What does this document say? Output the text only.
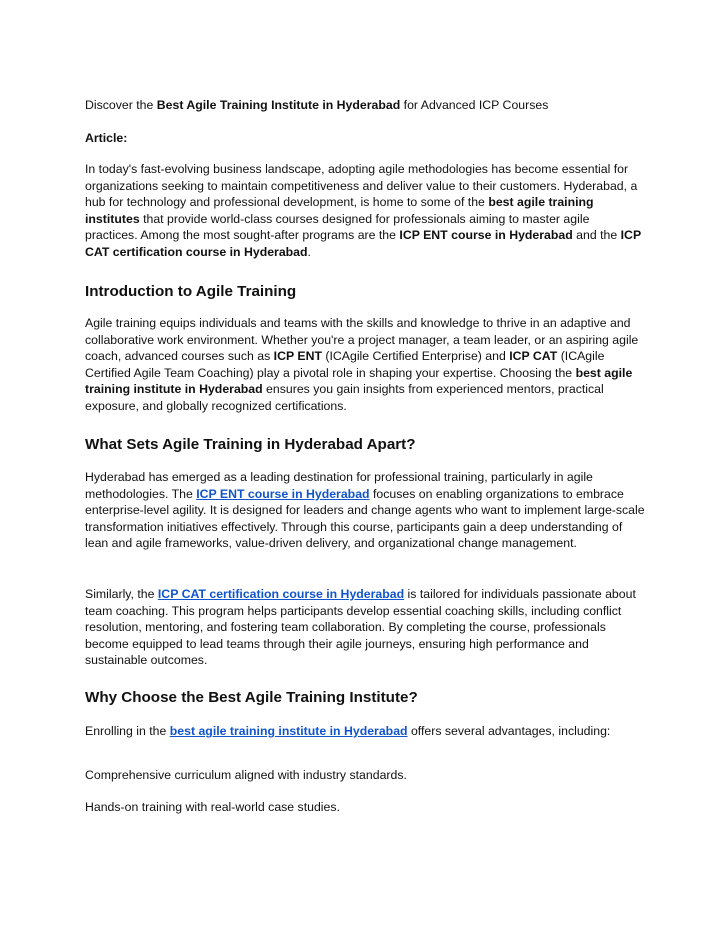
Discover the Best Agile Training Institute in Hyderabad for Advanced ICP Courses

Article:

In today's fast-evolving business landscape, adopting agile methodologies has become essential for organizations seeking to maintain competitiveness and deliver value to their customers. Hyderabad, a hub for technology and professional development, is home to some of the best agile training institutes that provide world-class courses designed for professionals aiming to master agile practices. Among the most sought-after programs are the ICP ENT course in Hyderabad and the ICP CAT certification course in Hyderabad.

Introduction to Agile Training

Agile training equips individuals and teams with the skills and knowledge to thrive in an adaptive and collaborative work environment. Whether you're a project manager, a team leader, or an aspiring agile coach, advanced courses such as ICP ENT (ICAgile Certified Enterprise) and ICP CAT (ICAgile Certified Agile Team Coaching) play a pivotal role in shaping your expertise. Choosing the best agile training institute in Hyderabad ensures you gain insights from experienced mentors, practical exposure, and globally recognized certifications.

What Sets Agile Training in Hyderabad Apart?

Hyderabad has emerged as a leading destination for professional training, particularly in agile methodologies. The ICP ENT course in Hyderabad focuses on enabling organizations to embrace enterprise-level agility. It is designed for leaders and change agents who want to implement large-scale transformation initiatives effectively. Through this course, participants gain a deep understanding of lean and agile frameworks, value-driven delivery, and organizational change management.

Similarly, the ICP CAT certification course in Hyderabad is tailored for individuals passionate about team coaching. This program helps participants develop essential coaching skills, including conflict resolution, mentoring, and fostering team collaboration. By completing the course, professionals become equipped to lead teams through their agile journeys, ensuring high performance and sustainable outcomes.

Why Choose the Best Agile Training Institute?

Enrolling in the best agile training institute in Hyderabad offers several advantages, including:

Comprehensive curriculum aligned with industry standards.

Hands-on training with real-world case studies.
